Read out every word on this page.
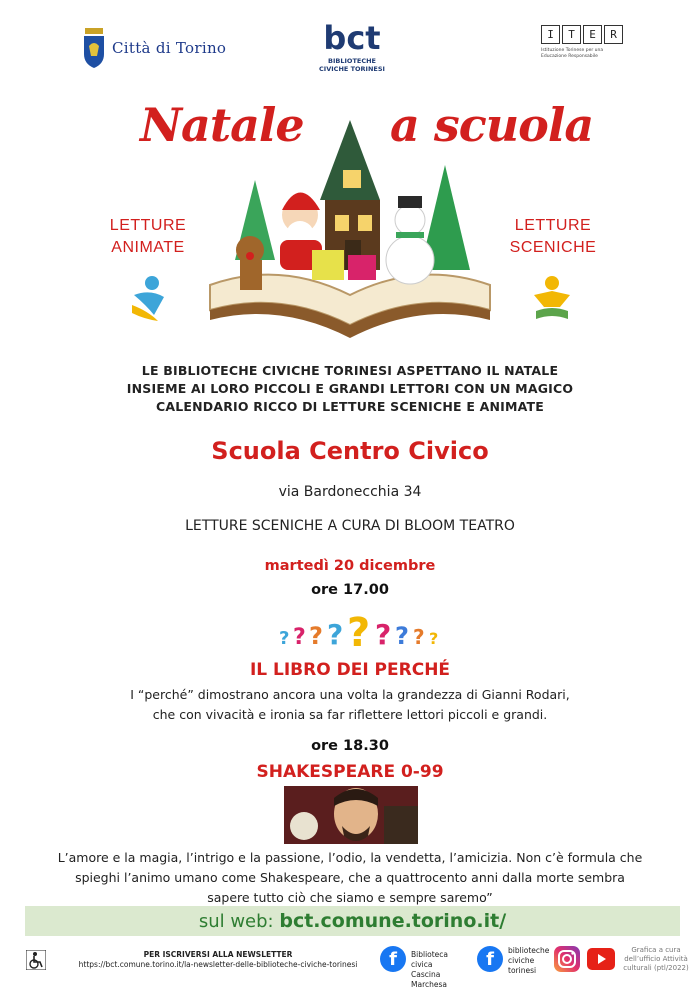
Città di Torino	bct
BIBLIOTECHE
CIVICHE TORINESI
I	T	E	R
Istituzione Torinese per una Educazione Responsabile
Natale a scuola
LETTURE
ANIMATE
LETTURE
SCENICHE
LE BIBLIOTECHE CIVICHE TORINESI ASPETTANO IL NATALE
INSIEME AI LORO PICCOLI E GRANDI LETTORI CON UN MAGICO
CALENDARIO RICCO DI LETTURE SCENICHE E ANIMATE
Scuola Centro Civico
via Bardonecchia 34
LETTURE SCENICHE A CURA DI BLOOM TEATRO
martedì 20 dicembre
ore 17.00
? ? ? ? ? ? ? ? ?
IL LIBRO DEI PERCHÉ
I “perché” dimostrano ancora una volta la grandezza di Gianni Rodari,
che con vivacità e ironia sa far riflettere lettori piccoli e grandi.
ore 18.30
SHAKESPEARE 0-99
L’amore e la magia, l’intrigo e la passione, l’odio, la vendetta, l’amicizia. Non c’è formula che
spieghi l’animo umano come Shakespeare, che a quattrocento anni dalla morte sembra
sapere tutto ciò che siamo e sempre saremo”
sul web: bct.comune.torino.it/
PER ISCRIVERSI ALLA NEWSLETTER
https://bct.comune.torino.it/la-newsletter-delle-biblioteche-civiche-torinesi	f	Biblioteca civica
Cascina Marchesa
f	biblioteche
civiche
torinesi
Grafica a cura
dell’ufficio Attività
culturali (ptl/2022)
